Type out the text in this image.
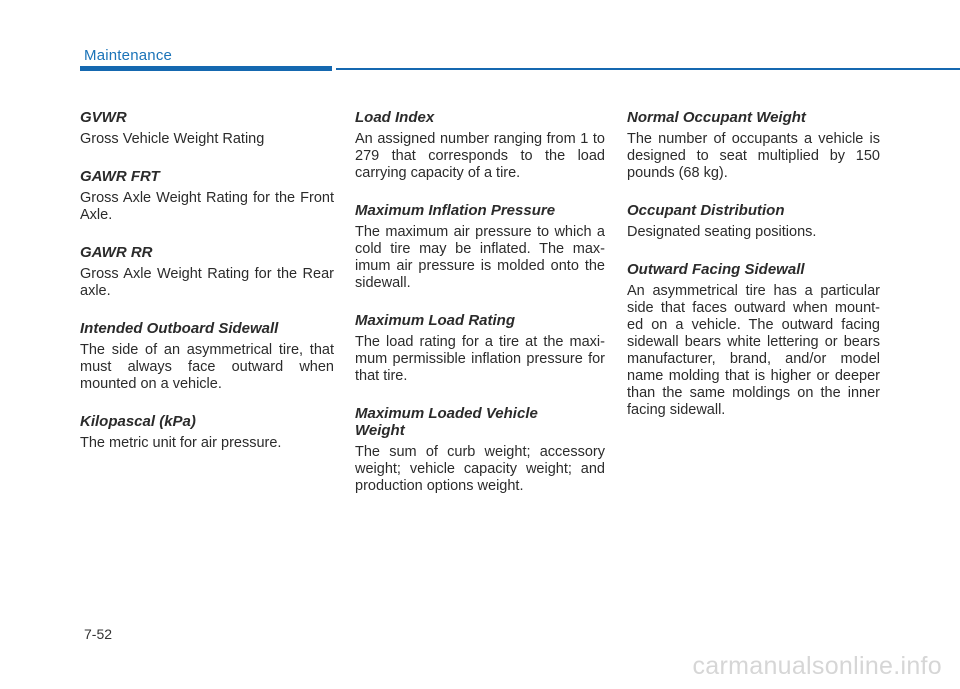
Maintenance
GVWR

Gross Vehicle Weight Rating

GAWR FRT

Gross Axle Weight Rating for the Front Axle.

GAWR RR

Gross Axle Weight Rating for the Rear axle.

Intended Outboard Sidewall

The side of an asymmetrical tire, that must always face outward when mounted on a vehicle.

Kilopascal (kPa)

The metric unit for air pressure.

Load Index

An assigned number ranging from 1 to 279 that corresponds to the load carrying capacity of a tire.

Maximum Inflation Pressure

The maximum air pressure to which a cold tire may be inflated. The max-imum air pressure is molded onto the sidewall.

Maximum Load Rating

The load rating for a tire at the maxi-mum permissible inflation pressure for that tire.

Maximum Loaded Vehicle Weight

The sum of curb weight; accessory weight; vehicle capacity weight; and production options weight.

Normal Occupant Weight

The number of occupants a vehicle is designed to seat multiplied by 150 pounds (68 kg).

Occupant Distribution

Designated seating positions.

Outward Facing Sidewall

An asymmetrical tire has a particular side that faces outward when mount-ed on a vehicle. The outward facing sidewall bears white lettering or bears manufacturer, brand, and/or model name molding that is higher or deeper than the same moldings on the inner facing sidewall.

7-52
carmanualsonline.info
